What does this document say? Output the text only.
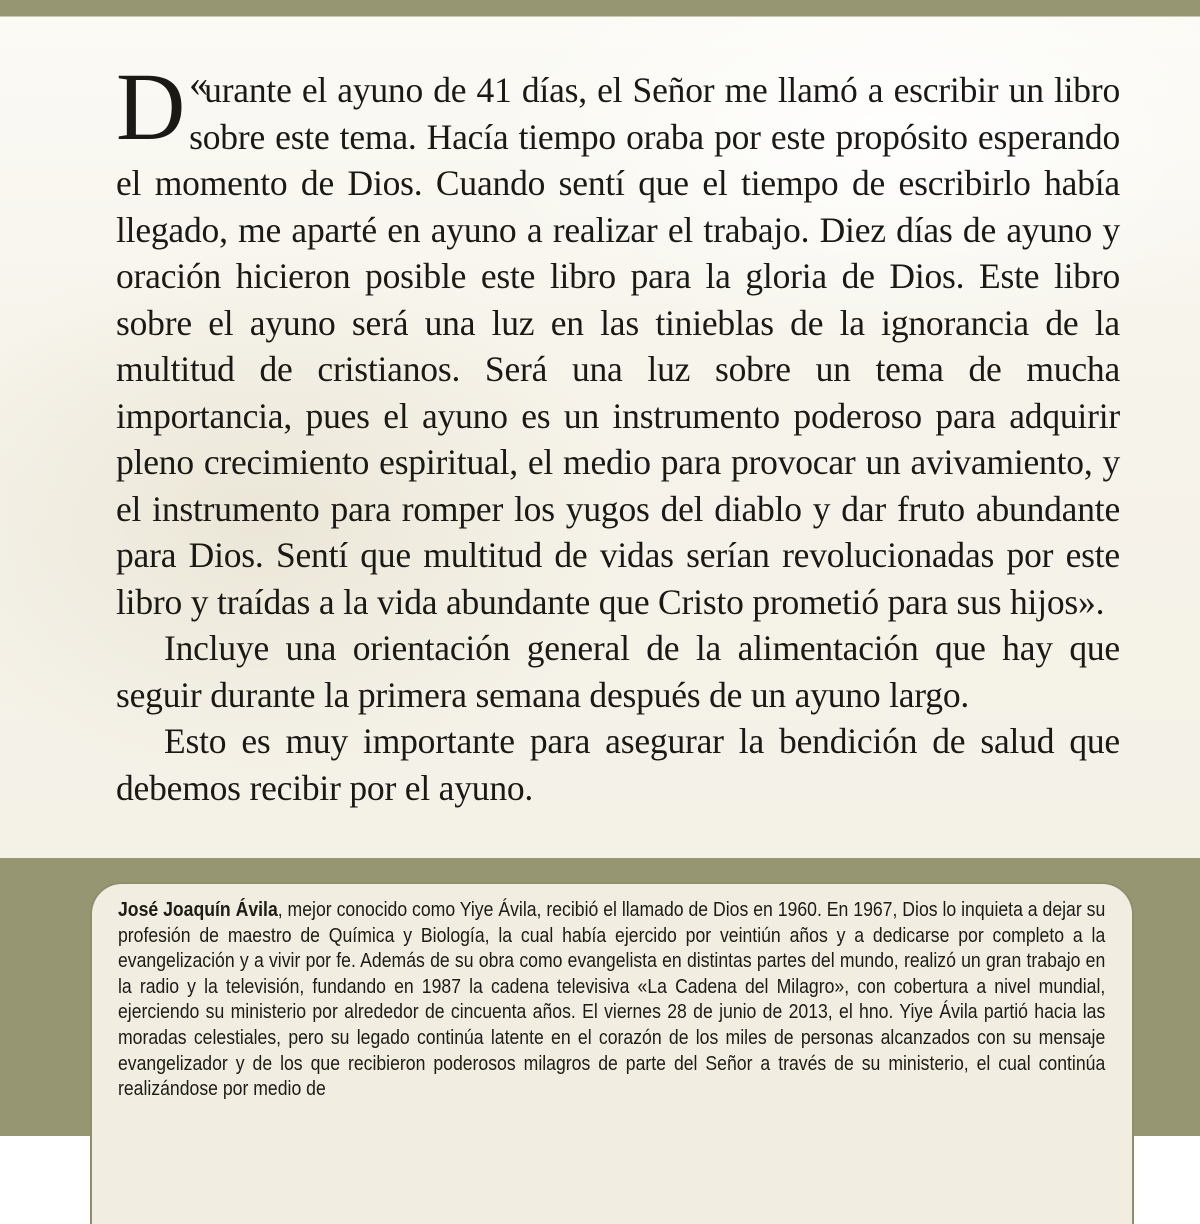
«
D urante el ayuno de 41 días, el Señor me llamó a escribir un libro sobre este tema. Hacía tiempo oraba por este propósito esperando el momento de Dios. Cuando sentí que el tiempo de escribirlo había llegado, me aparté en ayuno a realizar el trabajo. Diez días de ayuno y oración hicieron posible este libro para la gloria de Dios. Este libro sobre el ayuno será una luz en las tinieblas de la ignorancia de la multitud de cristianos. Será una luz sobre un tema de mucha importancia, pues el ayuno es un instrumento poderoso para adquirir pleno crecimiento espiritual, el medio para provocar un avivamiento, y el instrumento para romper los yugos del diablo y dar fruto abundante para Dios. Sentí que multitud de vidas serían revolucionadas por este libro y traídas a la vida abundante que Cristo prometió para sus hijos».

Incluye una orientación general de la alimentación que hay que seguir durante la primera semana después de un ayuno largo.

Esto es muy importante para asegurar la bendición de salud que debemos recibir por el ayuno.

José Joaquín Ávila, mejor conocido como Yiye Ávila, recibió el llamado de Dios en 1960. En 1967, Dios lo inquieta a dejar su profesión de maestro de Química y Biología, la cual había ejercido por veintiún años y a dedicarse por completo a la evangelización y a vivir por fe. Además de su obra como evangelista en distintas partes del mundo, realizó un gran trabajo en la radio y la televisión, fundando en 1987 la cadena televisiva «La Cadena del Milagro», con cobertura a nivel mundial, ejerciendo su ministerio por alrededor de cincuenta años. El viernes 28 de junio de 2013, el hno. Yiye Ávila partió hacia las moradas celestiales, pero su legado continúa latente en el corazón de los miles de personas alcanzados con su mensaje evangelizador y de los que recibieron poderosos milagros de parte del Señor a través de su ministerio, el cual continúa realizándose por medio de
